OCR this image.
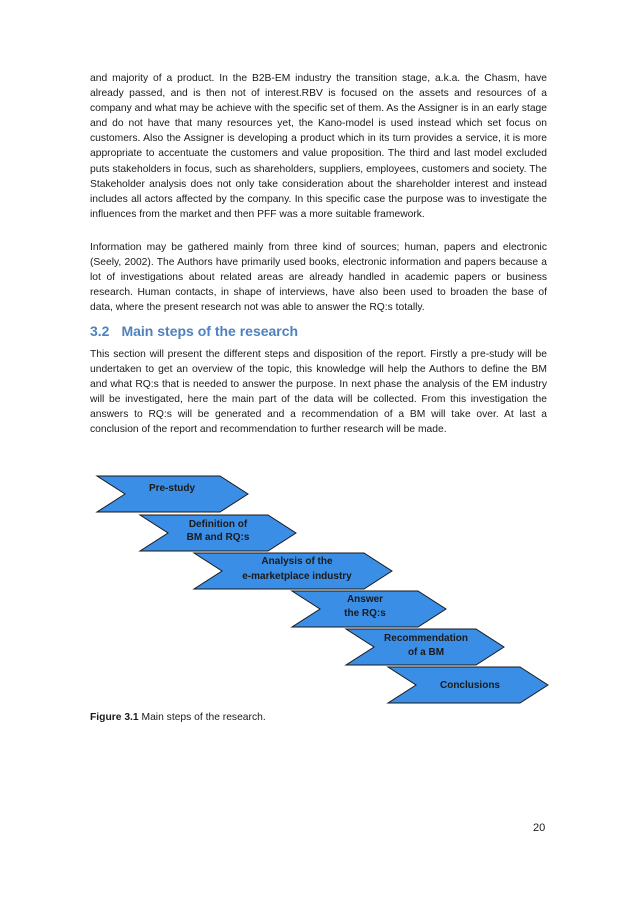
and majority of a product. In the B2B-EM industry the transition stage, a.k.a. the Chasm, have already passed, and is then not of interest.RBV is focused on the assets and resources of a company and what may be achieve with the specific set of them. As the Assigner is in an early stage and do not have that many resources yet, the Kano-model is used instead which set focus on customers. Also the Assigner is developing a product which in its turn provides a service, it is more appropriate to accentuate the customers and value proposition. The third and last model excluded puts stakeholders in focus, such as shareholders, suppliers, employees, customers and society. The Stakeholder analysis does not only take consideration about the shareholder interest and instead includes all actors affected by the company. In this specific case the purpose was to investigate the influences from the market and then PFF was a more suitable framework.

Information may be gathered mainly from three kind of sources; human, papers and electronic (Seely, 2002). The Authors have primarily used books, electronic information and papers because a lot of investigations about related areas are already handled in academic papers or business research. Human contacts, in shape of interviews, have also been used to broaden the base of data, where the present research not was able to answer the RQ:s totally.

3.2 Main steps of the research

This section will present the different steps and disposition of the report. Firstly a pre-study will be undertaken to get an overview of the topic, this knowledge will help the Authors to define the BM and what RQ:s that is needed to answer the purpose. In next phase the analysis of the EM industry will be investigated, here the main part of the data will be collected. From this investigation the answers to RQ:s will be generated and a recommendation of a BM will take over. At last a conclusion of the report and recommendation to further research will be made.

Pre-study
Definition of
BM and RQ:s
Analysis of the
e-marketplace industry
Answer
the RQ:s
Recommendation
of a BM
Conclusions
Figure 3.1 Main steps of the research.
20
